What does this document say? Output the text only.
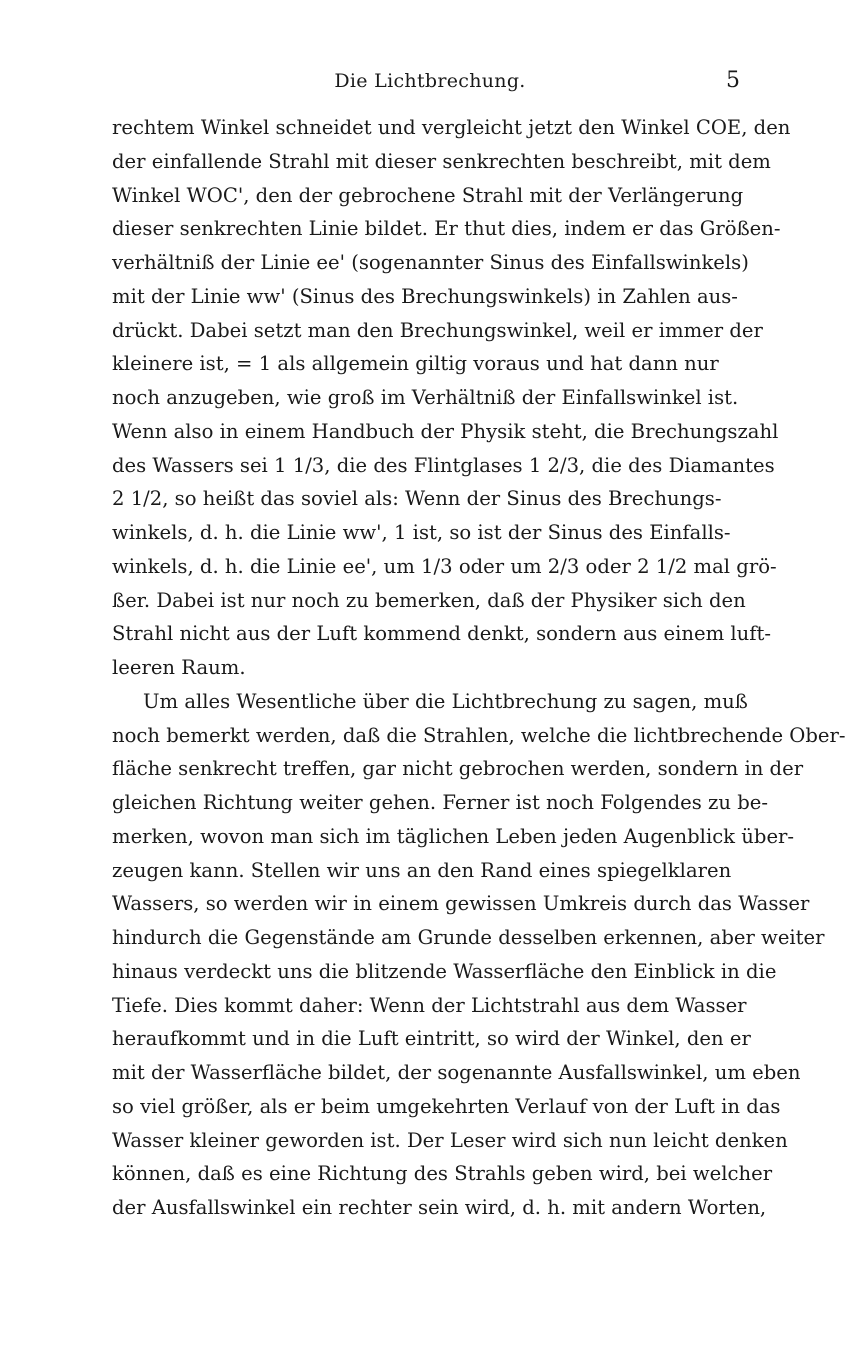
Die Lichtbrechung.	5
rechtem Winkel schneidet und vergleicht jetzt den Winkel COE, den
der einfallende Strahl mit dieser senkrechten beschreibt, mit dem
Winkel WOC', den der gebrochene Strahl mit der Verlängerung
dieser senkrechten Linie bildet. Er thut dies, indem er das Größen-
verhältniß der Linie ee' (sogenannter Sinus des Einfallswinkels)
mit der Linie ww' (Sinus des Brechungswinkels) in Zahlen aus-
drückt. Dabei setzt man den Brechungswinkel, weil er immer der
kleinere ist, = 1 als allgemein giltig voraus und hat dann nur
noch anzugeben, wie groß im Verhältniß der Einfallswinkel ist.
Wenn also in einem Handbuch der Physik steht, die Brechungszahl
des Wassers sei 1 1/3, die des Flintglases 1 2/3, die des Diamantes
2 1/2, so heißt das soviel als: Wenn der Sinus des Brechungs-
winkels, d. h. die Linie ww', 1 ist, so ist der Sinus des Einfalls-
winkels, d. h. die Linie ee', um 1/3 oder um 2/3 oder 2 1/2 mal grö-
ßer. Dabei ist nur noch zu bemerken, daß der Physiker sich den
Strahl nicht aus der Luft kommend denkt, sondern aus einem luft-
leeren Raum.
Um alles Wesentliche über die Lichtbrechung zu sagen, muß
noch bemerkt werden, daß die Strahlen, welche die lichtbrechende Ober-
fläche senkrecht treffen, gar nicht gebrochen werden, sondern in der
gleichen Richtung weiter gehen. Ferner ist noch Folgendes zu be-
merken, wovon man sich im täglichen Leben jeden Augenblick über-
zeugen kann. Stellen wir uns an den Rand eines spiegelklaren
Wassers, so werden wir in einem gewissen Umkreis durch das Wasser
hindurch die Gegenstände am Grunde desselben erkennen, aber weiter
hinaus verdeckt uns die blitzende Wasserfläche den Einblick in die
Tiefe. Dies kommt daher: Wenn der Lichtstrahl aus dem Wasser
heraufkommt und in die Luft eintritt, so wird der Winkel, den er
mit der Wasserfläche bildet, der sogenannte Ausfallswinkel, um eben
so viel größer, als er beim umgekehrten Verlauf von der Luft in das
Wasser kleiner geworden ist. Der Leser wird sich nun leicht denken
können, daß es eine Richtung des Strahls geben wird, bei welcher
der Ausfallswinkel ein rechter sein wird, d. h. mit andern Worten,
